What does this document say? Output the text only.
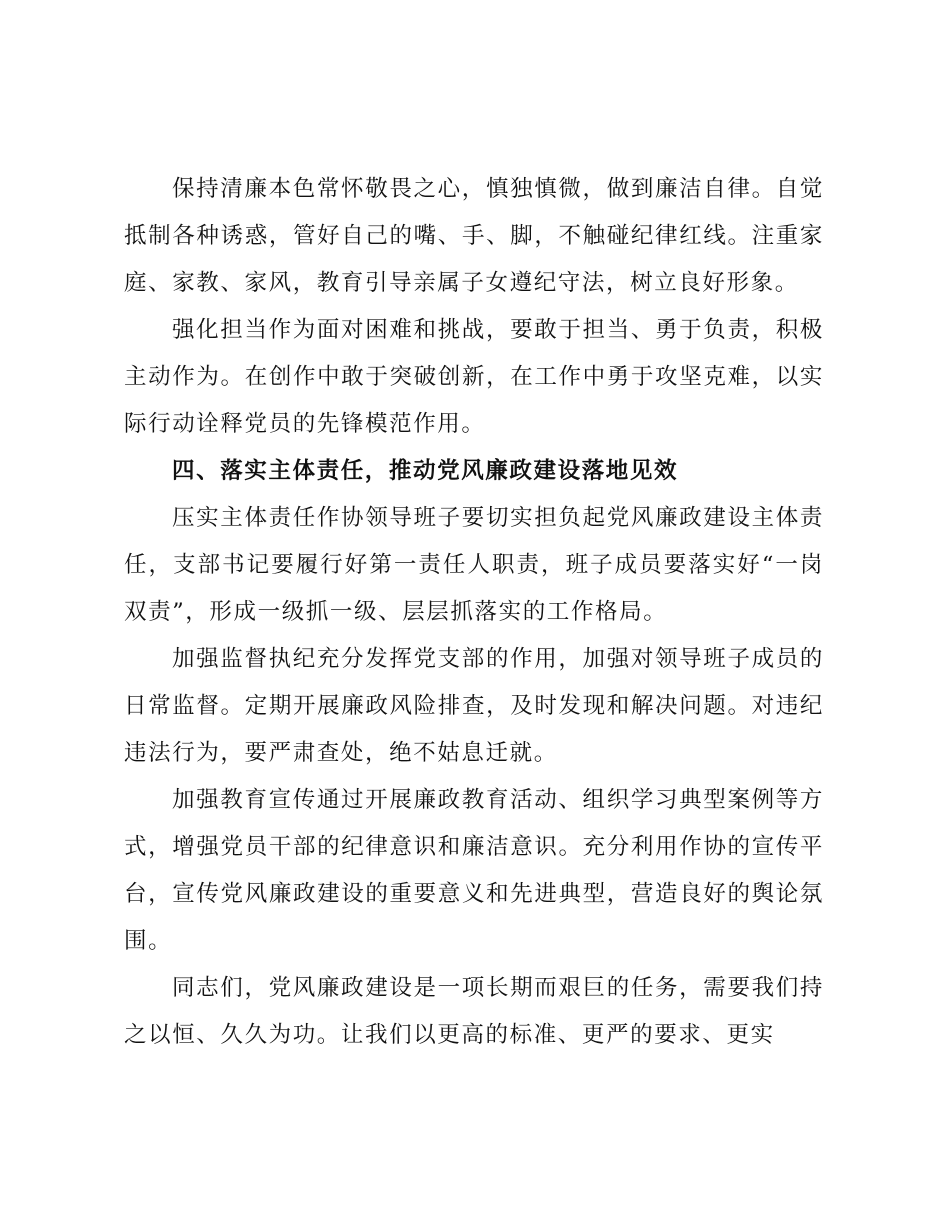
保持清廉本色常怀敬畏之心，慎独慎微，做到廉洁自律。自觉抵制各种诱惑，管好自己的嘴、手、脚，不触碰纪律红线。注重家庭、家教、家风，教育引导亲属子女遵纪守法，树立良好形象。

强化担当作为面对困难和挑战，要敢于担当、勇于负责，积极主动作为。在创作中敢于突破创新，在工作中勇于攻坚克难，以实际行动诠释党员的先锋模范作用。

四、落实主体责任，推动党风廉政建设落地见效

压实主体责任作协领导班子要切实担负起党风廉政建设主体责任，支部书记要履行好第一责任人职责，班子成员要落实好“一岗双责”，形成一级抓一级、层层抓落实的工作格局。

加强监督执纪充分发挥党支部的作用，加强对领导班子成员的日常监督。定期开展廉政风险排查，及时发现和解决问题。对违纪违法行为，要严肃查处，绝不姑息迁就。

加强教育宣传通过开展廉政教育活动、组织学习典型案例等方式，增强党员干部的纪律意识和廉洁意识。充分利用作协的宣传平台，宣传党风廉政建设的重要意义和先进典型，营造良好的舆论氛围。

同志们，党风廉政建设是一项长期而艰巨的任务，需要我们持之以恒、久久为功。让我们以更高的标准、更严的要求、更实
